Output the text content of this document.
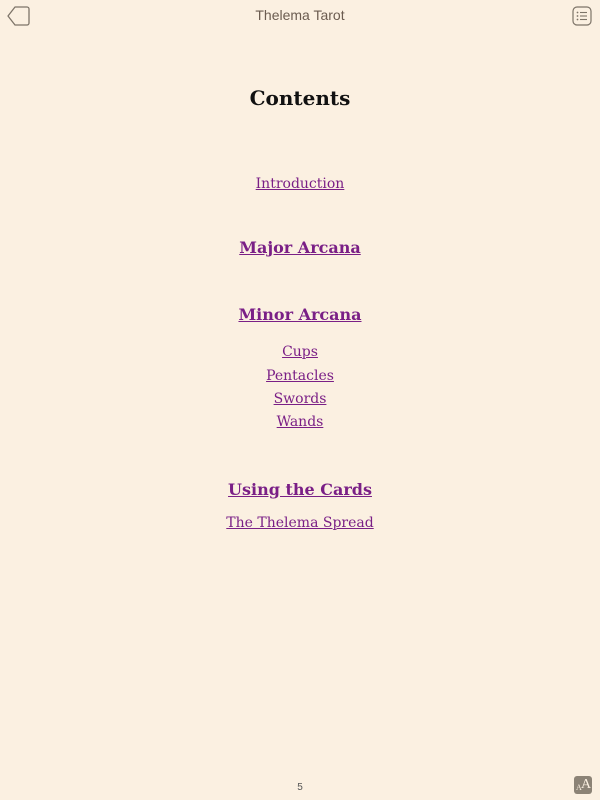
Thelema Tarot
Contents
Introduction
Major Arcana
Minor Arcana
Cups
Pentacles
Swords
Wands
Using the Cards
The Thelema Spread
5	A A
